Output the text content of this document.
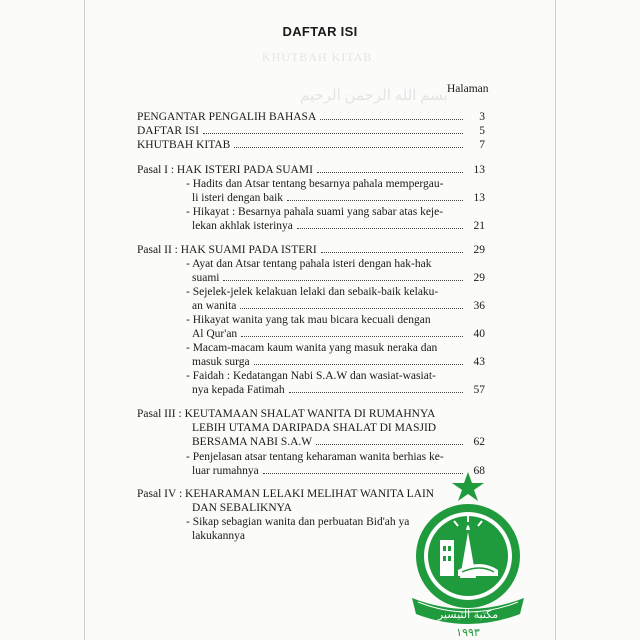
KHUTBAH KITAB
بسم الله الرحمن الرحيم
DAFTAR ISI
Halaman
PENGANTAR PENGALIH BAHASA	3
DAFTAR ISI	5
KHUTBAH KITAB	7
Pasal I : HAK ISTERI PADA SUAMI	13
- Hadits dan Atsar tentang besarnya pahala mempergau-
li isteri dengan baik	13
- Hikayat : Besarnya pahala suami yang sabar atas keje-
lekan akhlak isterinya	21
Pasal II : HAK SUAMI PADA ISTERI	29
- Ayat dan Atsar tentang pahala isteri dengan hak-hak
suami	29
- Sejelek-jelek kelakuan lelaki dan sebaik-baik kelaku-
an wanita	36
- Hikayat wanita yang tak mau bicara kecuali dengan
Al Qur'an	40
- Macam-macam kaum wanita yang masuk neraka dan
masuk surga	43
- Faidah : Kedatangan Nabi S.A.W dan wasiat-wasiat-
nya kepada Fatimah	57
Pasal III : KEUTAMAAN SHALAT WANITA DI RUMAHNYA
LEBIH UTAMA DARIPADA SHALAT DI MASJID
BERSAMA NABI S.A.W	62
- Penjelasan atsar tentang keharaman wanita berhias ke-
luar rumahnya	68
Pasal IV : KEHARAMAN LELAKI MELIHAT WANITA LAIN
DAN SEBALIKNYA
- Sikap sebagian wanita dan perbuatan Bid'ah ya
lakukannya
مكتبة التيسير
١٩٩٣
